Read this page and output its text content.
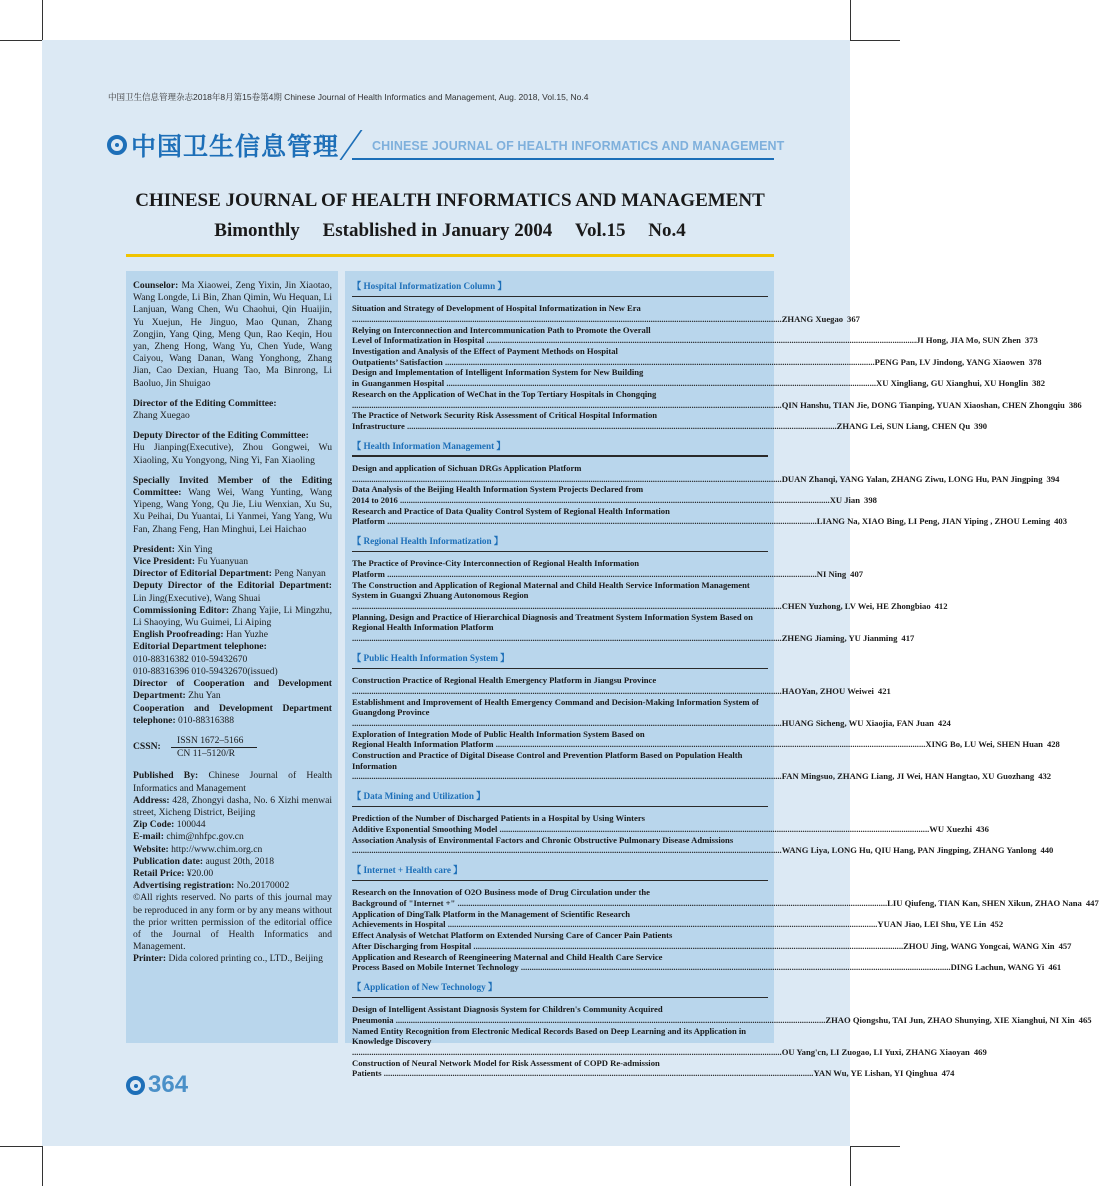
中国卫生信息管理杂志2018年8月第15卷第4期 Chinese Journal of Health Informatics and Management, Aug. 2018, Vol.15, No.4
中国卫生信息管理	CHINESE JOURNAL OF HEALTH INFORMATICS AND MANAGEMENT
CHINESE JOURNAL OF HEALTH INFORMATICS AND MANAGEMENT
Bimonthly Established in January 2004 Vol.15 No.4

Counselor: Ma Xiaowei, Zeng Yixin, Jin Xiaotao, Wang Longde, Li Bin, Zhan Qimin, Wu Hequan, Li Lanjuan, Wang Chen, Wu Chaohui, Qin Huaijin, Yu Xuejun, He Jinguo, Mao Qunan, Zhang Zongjin, Yang Qing, Meng Qun, Rao Keqin, Hou yan, Zheng Hong, Wang Yu, Chen Yude, Wang Caiyou, Wang Danan, Wang Yonghong, Zhang Jian, Cao Dexian, Huang Tao, Ma Binrong, Li Baoluo, Jin Shuigao

Director of the Editing Committee:
Zhang Xuegao

Deputy Director of the Editing Committee:
Hu Jianping(Executive), Zhou Gongwei, Wu Xiaoling, Xu Yongyong, Ning Yi, Fan Xiaoling

Specially Invited Member of the Editing Committee: Wang Wei, Wang Yunting, Wang Yipeng, Wang Yong, Qu Jie, Liu Wenxian, Xu Su, Xu Peihai, Du Yuantai, Li Yanmei, Yang Yang, Wu Fan, Zhang Feng, Han Minghui, Lei Haichao

President: Xin Ying

Vice President: Fu Yuanyuan

Director of Editorial Department: Peng Nanyan

Deputy Director of the Editorial Department: Lin Jing(Executive), Wang Shuai

Commissioning Editor: Zhang Yajie, Li Mingzhu, Li Shaoying, Wu Guimei, Li Aiping

English Proofreading: Han Yuzhe

Editorial Department telephone:
010-88316382 010-59432670
010-88316396 010-59432670(issued)

Director of Cooperation and Development Department: Zhu Yan

Cooperation and Development Department telephone: 010-88316388

CSSN:
ISSN 1672–5166
CN 11–5120/R

Published By: Chinese Journal of Health Informatics and Management

Address: 428, Zhongyi dasha, No. 6 Xizhi menwai street, Xicheng District, Beijing

Zip Code: 100044

E-mail: chim@nhfpc.gov.cn

Website: http://www.chim.org.cn

Publication date: august 20th, 2018

Retail Price: ¥20.00

Advertising registration: No.20170002

©All rights reserved. No parts of this journal may be reproduced in any form or by any means without the prior written permission of the editorial office of the Journal of Health Informatics and Management.

Printer: Dida colored printing co., LTD., Beijing

【 Hospital Informatization Column 】
Situation and Strategy of Development of Hospital Informatization in New Era
........................................................................................................................................................................................................ ZHANG Xuegao 367
Relying on Interconnection and Intercommunication Path to Promote the Overall
Level of Informatization in Hospital ........................................................................................................................................................................................................ JI Hong, JIA Mo, SUN Zhen 373
Investigation and Analysis of the Effect of Payment Methods on Hospital
Outpatients’ Satisfaction ........................................................................................................................................................................................................ PENG Pan, LV Jindong, YANG Xiaowen 378
Design and Implementation of Intelligent Information System for New Building
in Guanganmen Hospital ........................................................................................................................................................................................................ XU Xingliang, GU Xianghui, XU Honglin 382
Research on the Application of WeChat in the Top Tertiary Hospitals in Chongqing
........................................................................................................................................................................................................ QIN Hanshu, TIAN Jie, DONG Tianping, YUAN Xiaoshan, CHEN Zhongqiu 386
The Practice of Network Security Risk Assessment of Critical Hospital Information
Infrastructure ........................................................................................................................................................................................................ ZHANG Lei, SUN Liang, CHEN Qu 390
【 Health Information Management 】
Design and application of Sichuan DRGs Application Platform
........................................................................................................................................................................................................ DUAN Zhanqi, YANG Yalan, ZHANG Ziwu, LONG Hu, PAN Jingping 394
Data Analysis of the Beijing Health Information System Projects Declared from
2014 to 2016 ........................................................................................................................................................................................................ XU Jian 398
Research and Practice of Data Quality Control System of Regional Health Information
Platform ........................................................................................................................................................................................................ LIANG Na, XIAO Bing, LI Peng, JIAN Yiping , ZHOU Leming 403
【 Regional Health Informatization 】
The Practice of Province-City Interconnection of Regional Health Information
Platform ........................................................................................................................................................................................................ NI Ning 407
The Construction and Application of Regional Maternal and Child Health Service Information Management System in Guangxi Zhuang Autonomous Region
........................................................................................................................................................................................................ CHEN Yuzhong, LV Wei, HE Zhongbiao 412
Planning, Design and Practice of Hierarchical Diagnosis and Treatment System Information System Based on Regional Health Information Platform
........................................................................................................................................................................................................ ZHENG Jiaming, YU Jianming 417
【 Public Health Information System 】
Construction Practice of Regional Health Emergency Platform in Jiangsu Province
........................................................................................................................................................................................................ HAOYan, ZHOU Weiwei 421
Establishment and Improvement of Health Emergency Command and Decision-Making Information System of Guangdong Province
........................................................................................................................................................................................................ HUANG Sicheng, WU Xiaojia, FAN Juan 424
Exploration of Integration Mode of Public Health Information System Based on
Regional Health Information Platform ........................................................................................................................................................................................................ XING Bo, LU Wei, SHEN Huan 428
Construction and Practice of Digital Disease Control and Prevention Platform Based on Population Health Information
........................................................................................................................................................................................................ FAN Mingsuo, ZHANG Liang, JI Wei, HAN Hangtao, XU Guozhang 432
【 Data Mining and Utilization 】
Prediction of the Number of Discharged Patients in a Hospital by Using Winters
Additive Exponential Smoothing Model ........................................................................................................................................................................................................ WU Xuezhi 436
Association Analysis of Environmental Factors and Chronic Obstructive Pulmonary Disease Admissions
........................................................................................................................................................................................................ WANG Liya, LONG Hu, QIU Hang, PAN Jingping, ZHANG Yanlong 440
【 Internet + Health care 】
Research on the Innovation of O2O Business mode of Drug Circulation under the
Background of "Internet +" ........................................................................................................................................................................................................ LIU Qiufeng, TIAN Kan, SHEN Xikun, ZHAO Nana 447
Application of DingTalk Platform in the Management of Scientific Research
Achievements in Hospital ........................................................................................................................................................................................................ YUAN Jiao, LEI Shu, YE Lin 452
Effect Analysis of Wetchat Platform on Extended Nursing Care of Cancer Pain Patients
After Discharging from Hospital ........................................................................................................................................................................................................ ZHOU Jing, WANG Yongcai, WANG Xin 457
Application and Research of Reengineering Maternal and Child Health Care Service
Process Based on Mobile Internet Technology ........................................................................................................................................................................................................ DING Lachun, WANG Yi 461
【 Application of New Technology 】
Design of Intelligent Assistant Diagnosis System for Children's Community Acquired
Pneumonia ........................................................................................................................................................................................................ ZHAO Qiongshu, TAI Jun, ZHAO Shunying, XIE Xianghui, NI Xin 465
Named Entity Recognition from Electronic Medical Records Based on Deep Learning and its Application in Knowledge Discovery
........................................................................................................................................................................................................ OU Yang'cn, LI Zuogao, LI Yuxi, ZHANG Xiaoyan 469
Construction of Neural Network Model for Risk Assessment of COPD Re-admission
Patients ........................................................................................................................................................................................................ YAN Wu, YE Lishan, YI Qinghua 474
364
